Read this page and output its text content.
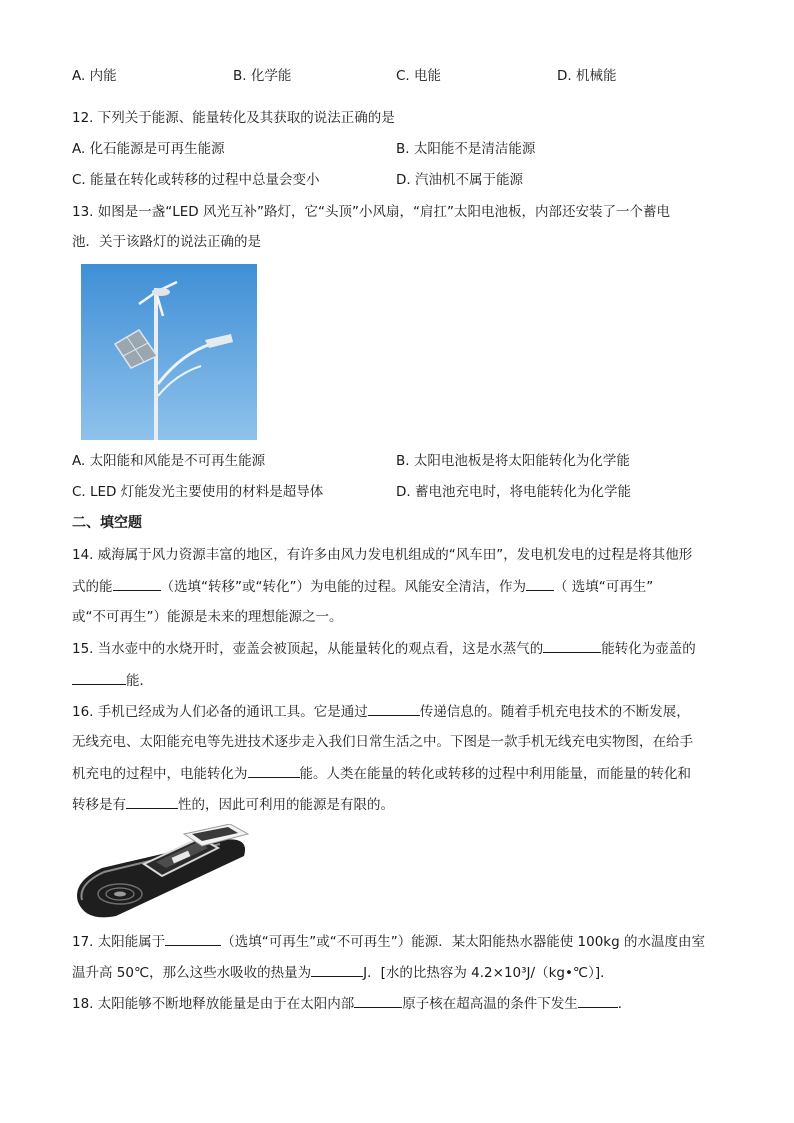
A. 内能	B. 化学能	C. 电能	D. 机械能
12. 下列关于能源、能量转化及其获取的说法正确的是
A. 化石能源是可再生能源	B. 太阳能不是清洁能源
C. 能量在转化或转移的过程中总量会变小	D. 汽油机不属于能源
13. 如图是一盏“LED 风光互补”路灯，它“头顶”小风扇，“肩扛”太阳电池板，内部还安装了一个蓄电
池．关于该路灯的说法正确的是
A. 太阳能和风能是不可再生能源	B. 太阳电池板是将太阳能转化为化学能
C. LED 灯能发光主要使用的材料是超导体	D. 蓄电池充电时，将电能转化为化学能
二、填空题
14. 威海属于风力资源丰富的地区，有许多由风力发电机组成的“风车田”，发电机发电的过程是将其他形
式的能	（选填“转移”或“转化”）为电能的过程。风能安全清洁，作为 （ 选填“可再生”
或“不可再生”）能源是未来的理想能源之一。
15. 当水壶中的水烧开时，壶盖会被顶起，从能量转化的观点看，这是水蒸气的	能转化为壶盖的
能．
16. 手机已经成为人们必备的通讯工具。它是通过	传递信息的。随着手机充电技术的不断发展，
无线充电、太阳能充电等先进技术逐步走入我们日常生活之中。下图是一款手机无线充电实物图，在给手
机充电的过程中，电能转化为	能。人类在能量的转化或转移的过程中利用能量，而能量的转化和
转移是有	性的，因此可利用的能源是有限的。
17. 太阳能属于	（选填“可再生”或“不可再生”）能源．某太阳能热水器能使 100kg 的水温度由室
温升高 50℃，那么这些水吸收的热量为	J．[水的比热容为 4.2×10³J/（kg•℃）]．
18. 太阳能够不断地释放能量是由于在太阳内部	原子核在超高温的条件下发生	．
